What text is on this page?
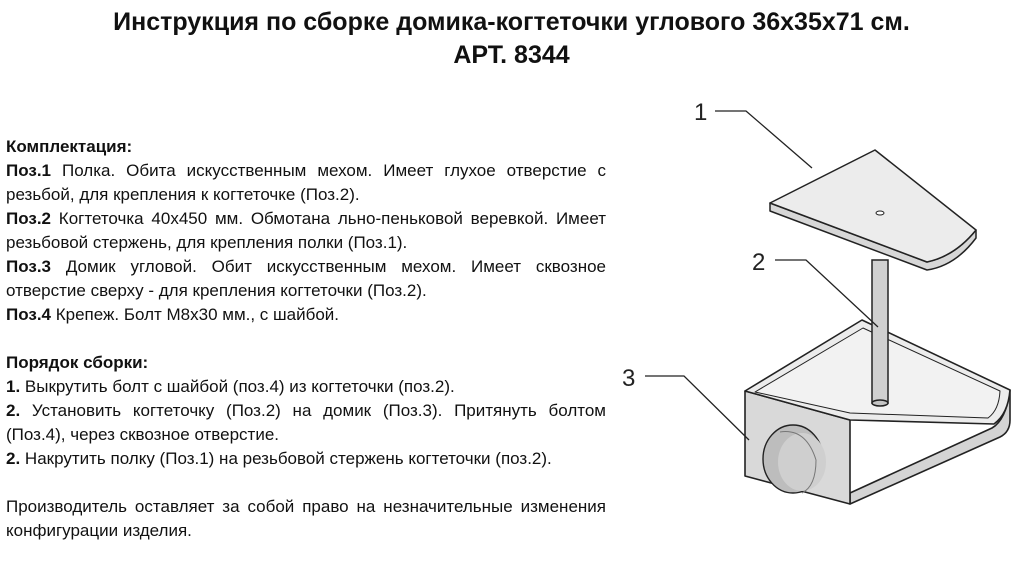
Инструкция по сборке домика-когтеточки углового 36х35х71 см.
АРТ. 8344

Комплектация:

Поз.1 Полка. Обита искусственным мехом. Имеет глухое отверстие с резьбой, для крепления к когтеточке (Поз.2).

Поз.2 Когтеточка 40х450 мм. Обмотана льно-пеньковой веревкой. Имеет резьбовой стержень, для крепления полки (Поз.1).

Поз.3 Домик угловой. Обит искусственным мехом. Имеет сквозное отверстие сверху - для крепления когтеточки (Поз.2).

Поз.4 Крепеж. Болт М8х30 мм., с шайбой.

Порядок сборки:

1. Выкрутить болт с шайбой (поз.4) из когтеточки (поз.2).

2. Установить когтеточку (Поз.2) на домик (Поз.3). Притянуть болтом (Поз.4), через сквозное отверстие.

2. Накрутить полку (Поз.1) на резьбовой стержень когтеточки (поз.2).

Производитель оставляет за собой право на незначительные изменения конфигурации изделия.

1
2
3
